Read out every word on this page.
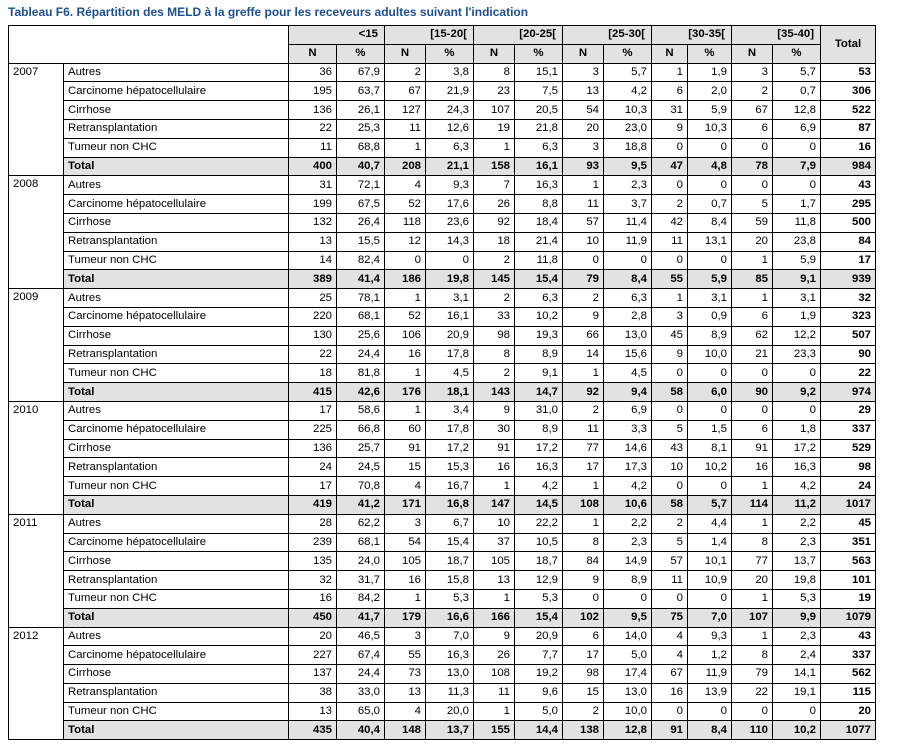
Tableau F6. Répartition des MELD à la greffe pour les receveurs adultes suivant l'indication
		<15		[15-20[		[20-25[		[25-30[		[30-35[		[35-40]		Total
		N	%	N	%	N	%	N	%	N	%	N	%	
2007	Autres	36	67,9	2	3,8	8	15,1	3	5,7	1	1,9	3	5,7	53
	Carcinome hépatocellulaire	195	63,7	67	21,9	23	7,5	13	4,2	6	2,0	2	0,7	306
	Cirrhose	136	26,1	127	24,3	107	20,5	54	10,3	31	5,9	67	12,8	522
	Retransplantation	22	25,3	11	12,6	19	21,8	20	23,0	9	10,3	6	6,9	87
	Tumeur non CHC	11	68,8	1	6,3	1	6,3	3	18,8	0	0	0	0	16
	Total	400	40,7	208	21,1	158	16,1	93	9,5	47	4,8	78	7,9	984
2008	Autres	31	72,1	4	9,3	7	16,3	1	2,3	0	0	0	0	43
	Carcinome hépatocellulaire	199	67,5	52	17,6	26	8,8	11	3,7	2	0,7	5	1,7	295
	Cirrhose	132	26,4	118	23,6	92	18,4	57	11,4	42	8,4	59	11,8	500
	Retransplantation	13	15,5	12	14,3	18	21,4	10	11,9	11	13,1	20	23,8	84
	Tumeur non CHC	14	82,4	0	0	2	11,8	0	0	0	0	1	5,9	17
	Total	389	41,4	186	19,8	145	15,4	79	8,4	55	5,9	85	9,1	939
2009	Autres	25	78,1	1	3,1	2	6,3	2	6,3	1	3,1	1	3,1	32
	Carcinome hépatocellulaire	220	68,1	52	16,1	33	10,2	9	2,8	3	0,9	6	1,9	323
	Cirrhose	130	25,6	106	20,9	98	19,3	66	13,0	45	8,9	62	12,2	507
	Retransplantation	22	24,4	16	17,8	8	8,9	14	15,6	9	10,0	21	23,3	90
	Tumeur non CHC	18	81,8	1	4,5	2	9,1	1	4,5	0	0	0	0	22
	Total	415	42,6	176	18,1	143	14,7	92	9,4	58	6,0	90	9,2	974
2010	Autres	17	58,6	1	3,4	9	31,0	2	6,9	0	0	0	0	29
	Carcinome hépatocellulaire	225	66,8	60	17,8	30	8,9	11	3,3	5	1,5	6	1,8	337
	Cirrhose	136	25,7	91	17,2	91	17,2	77	14,6	43	8,1	91	17,2	529
	Retransplantation	24	24,5	15	15,3	16	16,3	17	17,3	10	10,2	16	16,3	98
	Tumeur non CHC	17	70,8	4	16,7	1	4,2	1	4,2	0	0	1	4,2	24
	Total	419	41,2	171	16,8	147	14,5	108	10,6	58	5,7	114	11,2	1017
2011	Autres	28	62,2	3	6,7	10	22,2	1	2,2	2	4,4	1	2,2	45
	Carcinome hépatocellulaire	239	68,1	54	15,4	37	10,5	8	2,3	5	1,4	8	2,3	351
	Cirrhose	135	24,0	105	18,7	105	18,7	84	14,9	57	10,1	77	13,7	563
	Retransplantation	32	31,7	16	15,8	13	12,9	9	8,9	11	10,9	20	19,8	101
	Tumeur non CHC	16	84,2	1	5,3	1	5,3	0	0	0	0	1	5,3	19
	Total	450	41,7	179	16,6	166	15,4	102	9,5	75	7,0	107	9,9	1079
2012	Autres	20	46,5	3	7,0	9	20,9	6	14,0	4	9,3	1	2,3	43
	Carcinome hépatocellulaire	227	67,4	55	16,3	26	7,7	17	5,0	4	1,2	8	2,4	337
	Cirrhose	137	24,4	73	13,0	108	19,2	98	17,4	67	11,9	79	14,1	562
	Retransplantation	38	33,0	13	11,3	11	9,6	15	13,0	16	13,9	22	19,1	115
	Tumeur non CHC	13	65,0	4	20,0	1	5,0	2	10,0	0	0	0	0	20
	Total	435	40,4	148	13,7	155	14,4	138	12,8	91	8,4	110	10,2	1077
